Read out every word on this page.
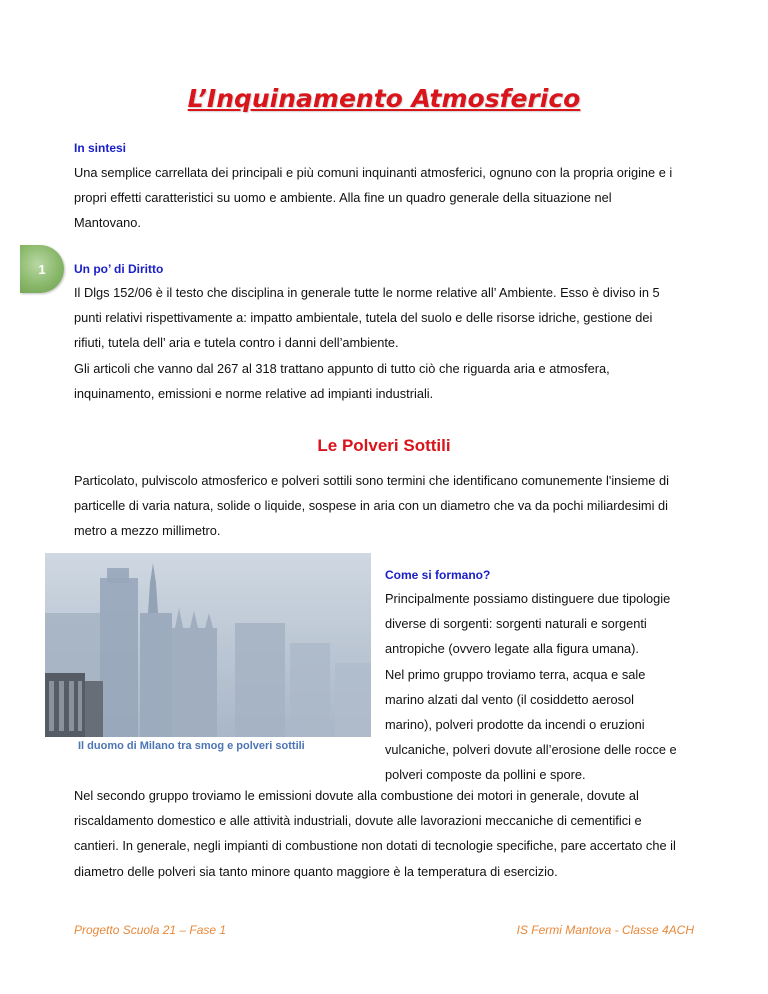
L’Inquinamento Atmosferico
In sintesi
Una semplice carrellata dei principali e più comuni inquinanti atmosferici, ognuno con la propria origine e i
propri effetti caratteristici su uomo e ambiente. Alla fine un quadro generale della situazione nel
Mantovano.
1	Un po’ di Diritto
Il Dlgs 152/06 è il testo che disciplina in generale tutte le norme relative all’ Ambiente. Esso è diviso in 5
punti relativi rispettivamente a: impatto ambientale, tutela del suolo e delle risorse idriche, gestione dei
rifiuti, tutela dell’ aria e tutela contro i danni dell’ambiente.
Gli articoli che vanno dal 267 al 318 trattano appunto di tutto ciò che riguarda aria e atmosfera,
inquinamento, emissioni e norme relative ad impianti industriali.
Le Polveri Sottili
Particolato, pulviscolo atmosferico e polveri sottili sono termini che identificano comunemente l'insieme di
particelle di varia natura, solide o liquide, sospese in aria con un diametro che va da pochi miliardesimi di
metro a mezzo millimetro.
Il duomo di Milano tra smog e polveri sottili
Come si formano?
Principalmente possiamo distinguere due tipologie
diverse di sorgenti: sorgenti naturali e sorgenti
antropiche (ovvero legate alla figura umana).
Nel primo gruppo troviamo terra, acqua e sale
marino alzati dal vento (il cosiddetto aerosol
marino), polveri prodotte da incendi o eruzioni
vulcaniche, polveri dovute all’erosione delle rocce e
polveri composte da pollini e spore.
Nel secondo gruppo troviamo le emissioni dovute alla combustione dei motori in generale, dovute al
riscaldamento domestico e alle attività industriali, dovute alle lavorazioni meccaniche di cementifici e
cantieri. In generale, negli impianti di combustione non dotati di tecnologie specifiche, pare accertato che il
diametro delle polveri sia tanto minore quanto maggiore è la temperatura di esercizio.
Progetto Scuola 21 – Fase 1	IS Fermi Mantova - Classe 4ACH
